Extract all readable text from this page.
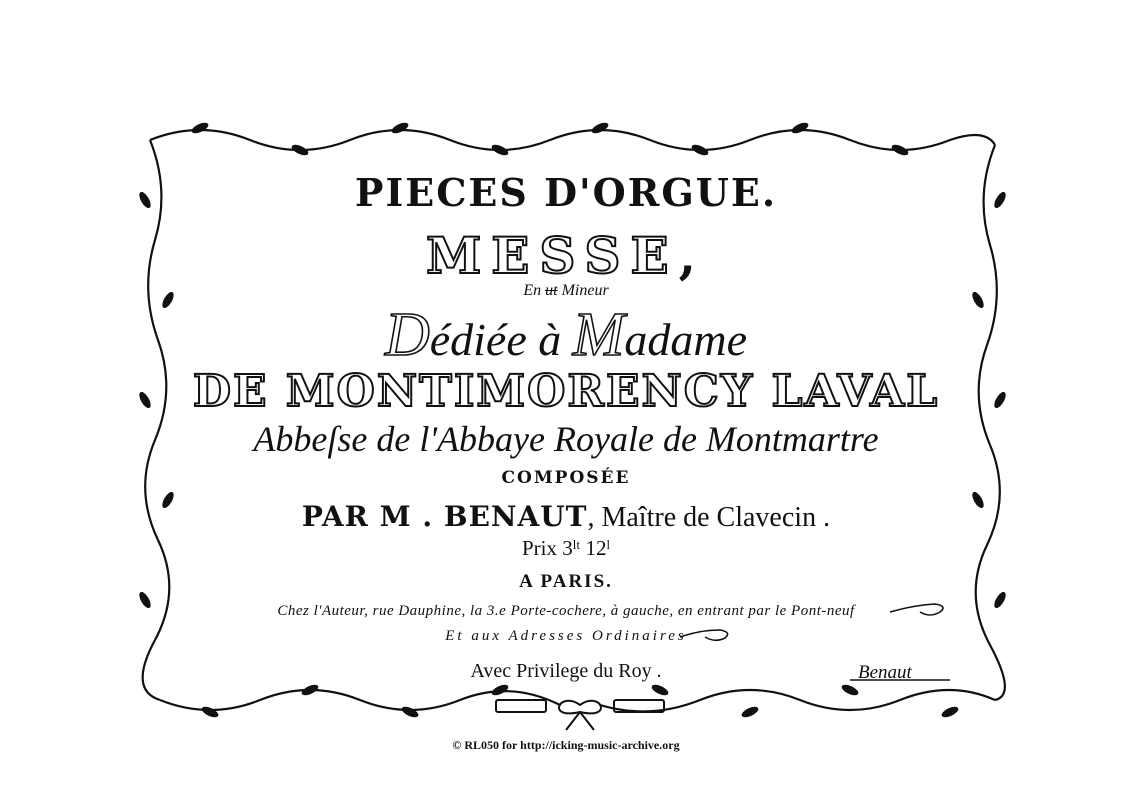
PIECES D'ORGUE.
MESSE,
En ut Mineur
Dédiée à Madame
DE MONTIMORENCY LAVAL
Abbeſse de l'Abbaye Royale de Montmartre
COMPOSÉE
PAR M . BENAUT, Maître de Clavecin .
Prix 3ˡᵗ 12ˡ
A PARIS.
Chez l'Auteur, rue Dauphine, la 3.e Porte-cochere, à gauche, en entrant par le Pont-neuf
Et aux Adresses Ordinaires
Avec Privilege du Roy .	Benaut
© RL050 for http://icking-music-archive.org
